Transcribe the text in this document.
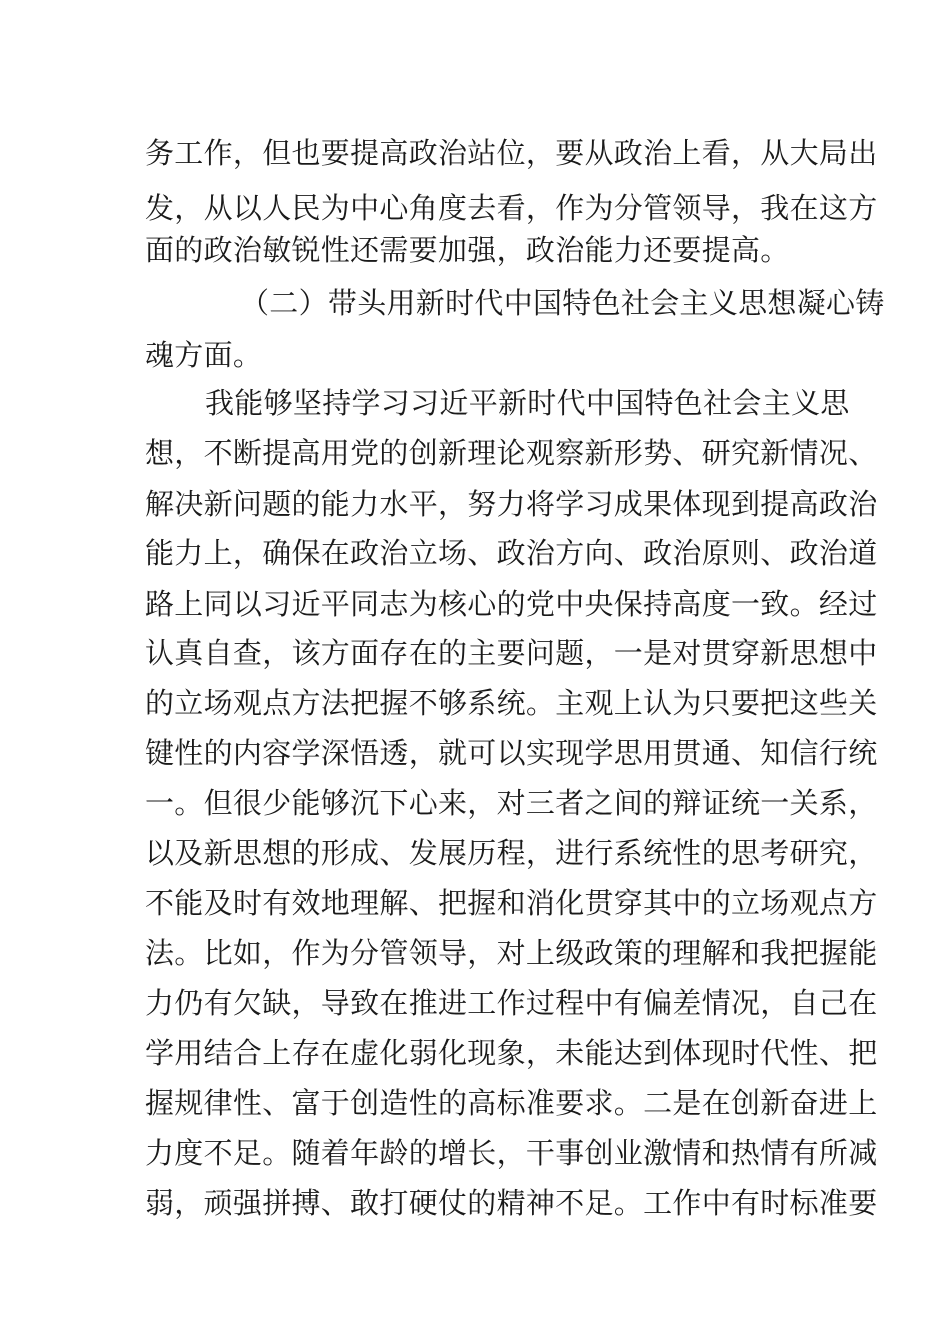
务工作，但也要提高政治站位，要从政治上看，从大局出
发，从以人民为中心角度去看，作为分管领导，我在这方
面的政治敏锐性还需要加强，政治能力还要提高。
（二）带头用新时代中国特色社会主义思想凝心铸
魂方面。
我能够坚持学习习近平新时代中国特色社会主义思
想，不断提高用党的创新理论观察新形势、研究新情况、
解决新问题的能力水平，努力将学习成果体现到提高政治
能力上，确保在政治立场、政治方向、政治原则、政治道
路上同以习近平同志为核心的党中央保持高度一致。经过
认真自查，该方面存在的主要问题，一是对贯穿新思想中
的立场观点方法把握不够系统。主观上认为只要把这些关
键性的内容学深悟透，就可以实现学思用贯通、知信行统
一。但很少能够沉下心来，对三者之间的辩证统一关系，
以及新思想的形成、发展历程，进行系统性的思考研究，
不能及时有效地理解、把握和消化贯穿其中的立场观点方
法。比如，作为分管领导，对上级政策的理解和我把握能
力仍有欠缺，导致在推进工作过程中有偏差情况，自己在
学用结合上存在虚化弱化现象，未能达到体现时代性、把
握规律性、富于创造性的高标准要求。二是在创新奋进上
力度不足。随着年龄的增长，干事创业激情和热情有所减
弱，顽强拼搏、敢打硬仗的精神不足。工作中有时标准要
